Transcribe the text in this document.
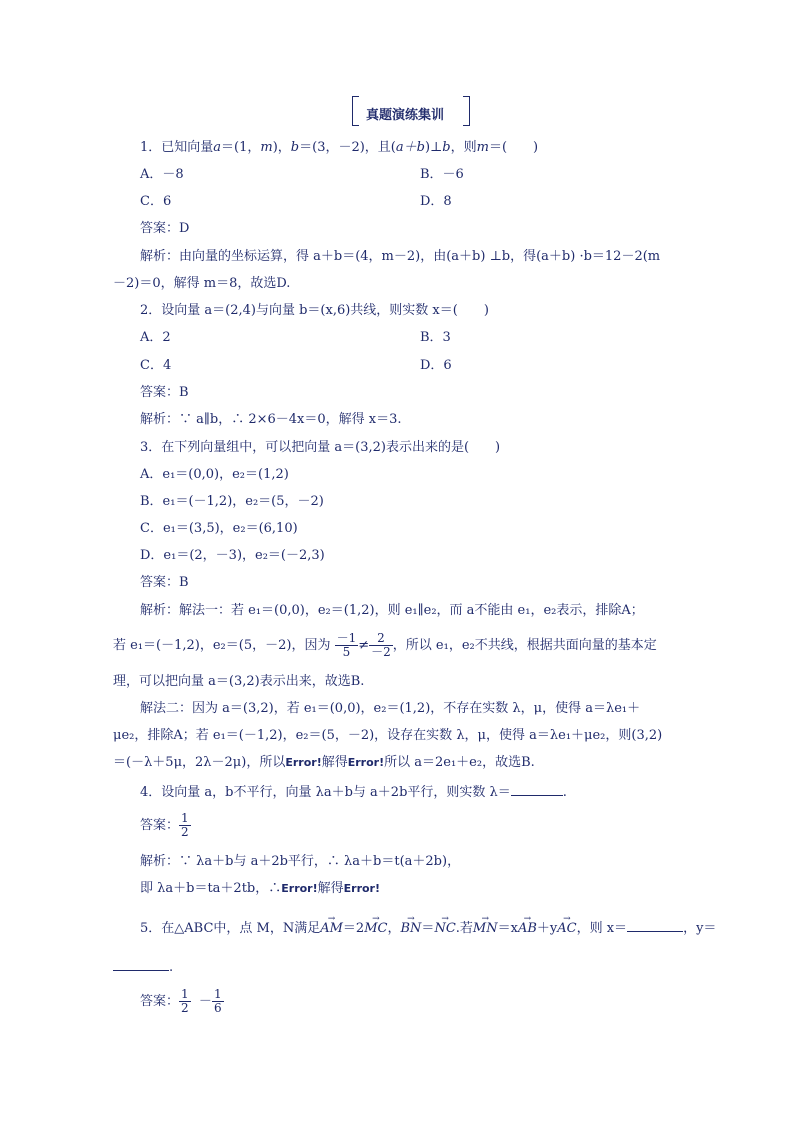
真题演练集训
1．已知向量a＝(1，m)，b＝(3，－2)，且(a＋b)⊥b，则m＝(　　)
A．－8	B．－6
C．6	D．8
答案：D
解析：由向量的坐标运算，得 a＋b＝(4，m－2)，由(a＋b) ⊥b，得(a＋b) ·b＝12－2(m
－2)＝0，解得 m＝8，故选D.
2．设向量 a＝(2,4)与向量 b＝(x,6)共线，则实数 x＝(　　)
A．2	B．3
C．4	D．6
答案：B
解析：∵ a∥b，∴ 2×6－4x＝0，解得 x＝3.
3．在下列向量组中，可以把向量 a＝(3,2)表示出来的是(　　)
A．e₁＝(0,0)，e₂＝(1,2)
B．e₁＝(－1,2)，e₂＝(5，－2)
C．e₁＝(3,5)，e₂＝(6,10)
D．e₁＝(2，－3)，e₂＝(－2,3)
答案：B
解析：解法一：若 e₁＝(0,0)，e₂＝(1,2)，则 e₁∥e₂，而 a不能由 e₁，e₂表示，排除A；
若 e₁＝(－1,2)，e₂＝(5，－2)，因为 $\frac{-1}{5} \ne \frac{2}{-2}$ ，所以 e₁，e₂不共线，根据共面向量的基本定
理，可以把向量 a＝(3,2)表示出来，故选B.
解法二：因为 a＝(3,2)，若 e₁＝(0,0)，e₂＝(1,2)，不存在实数 λ，μ，使得 a＝λe₁＋
μe₂，排除A；若 e₁＝(－1,2)，e₂＝(5，－2)，设存在实数 λ，μ，使得 a＝λe₁＋μe₂，则(3,2)
＝(－λ＋5μ，2λ－2μ)，所以Error!解得Error!所以 a＝2e₁＋e₂，故选B.
4．设向量 a，b不平行，向量 λa＋b与 a＋2b平行，则实数 λ＝	.
答案： $\frac{1}{2}$
解析：∵ λa＋b与 a＋2b平行，∴ λa＋b＝t(a＋2b)，
即 λa＋b＝ta＋2tb，∴Error!解得Error!
5．在△ABC中，点 M，N满足→ AM＝2→ MC，→ BN＝→ NC.若→ MN＝x→ AB＋y→ AC，则 x＝	，y＝
.
答案： $\frac{1}{2} - \frac{1}{6}$
